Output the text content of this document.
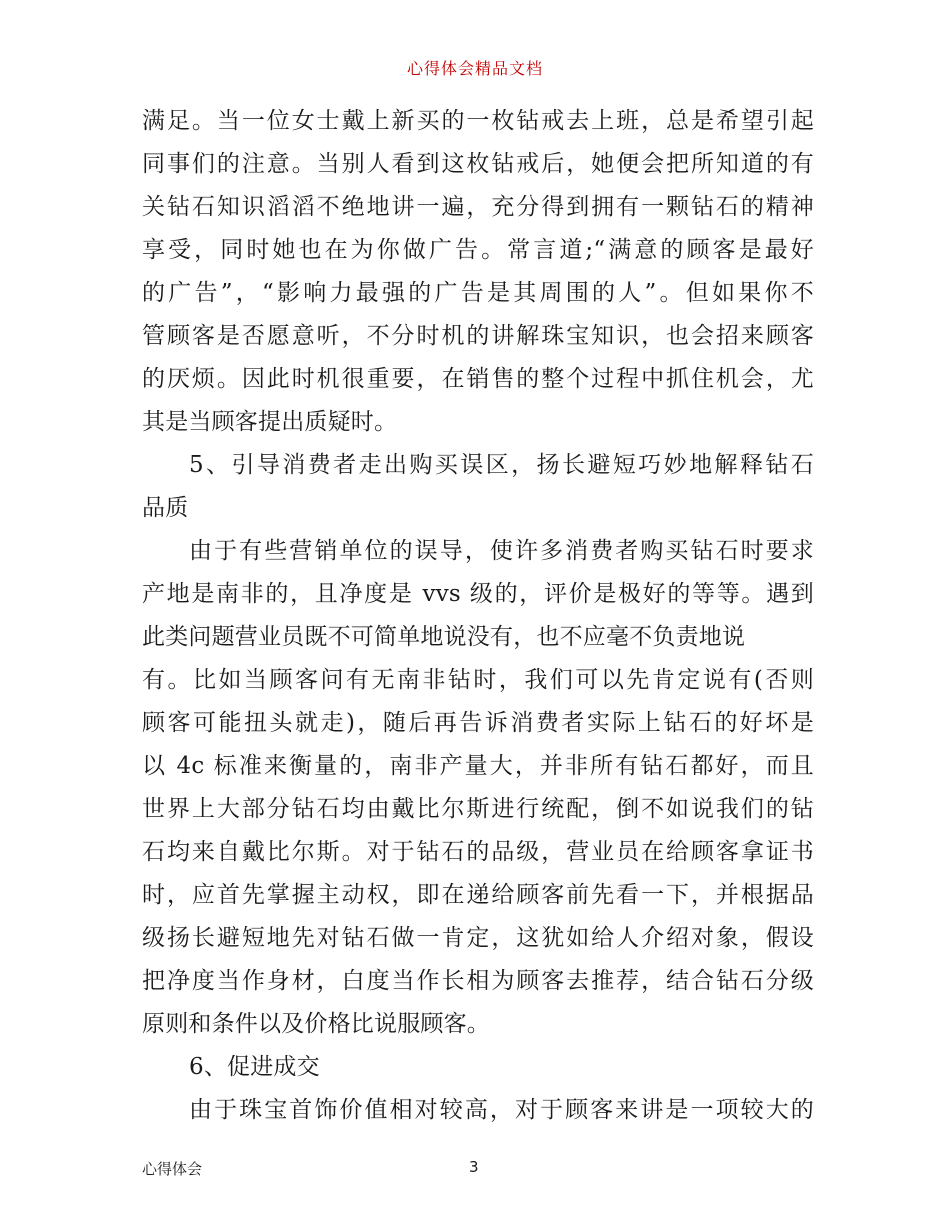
心得体会精品文档
满足。当一位女士戴上新买的一枚钻戒去上班，总是希望引起
同事们的注意。当别人看到这枚钻戒后，她便会把所知道的有
关钻石知识滔滔不绝地讲一遍，充分得到拥有一颗钻石的精神
享受，同时她也在为你做广告。常言道;“满意的顾客是最好
的广告”，“影响力最强的广告是其周围的人”。但如果你不
管顾客是否愿意听，不分时机的讲解珠宝知识，也会招来顾客
的厌烦。因此时机很重要，在销售的整个过程中抓住机会，尤
其是当顾客提出质疑时。
5、引导消费者走出购买误区，扬长避短巧妙地解释钻石
品质
由于有些营销单位的误导，使许多消费者购买钻石时要求
产地是南非的，且净度是 vvs 级的，评价是极好的等等。遇到
此类问题营业员既不可简单地说没有，也不应毫不负责地说
有。比如当顾客问有无南非钻时，我们可以先肯定说有(否则
顾客可能扭头就走)，随后再告诉消费者实际上钻石的好坏是
以 4c 标准来衡量的，南非产量大，并非所有钻石都好，而且
世界上大部分钻石均由戴比尔斯进行统配，倒不如说我们的钻
石均来自戴比尔斯。对于钻石的品级，营业员在给顾客拿证书
时，应首先掌握主动权，即在递给顾客前先看一下，并根据品
级扬长避短地先对钻石做一肯定，这犹如给人介绍对象，假设
把净度当作身材，白度当作长相为顾客去推荐，结合钻石分级
原则和条件以及价格比说服顾客。
6、促进成交
由于珠宝首饰价值相对较高，对于顾客来讲是一项较大的
心得体会	3
